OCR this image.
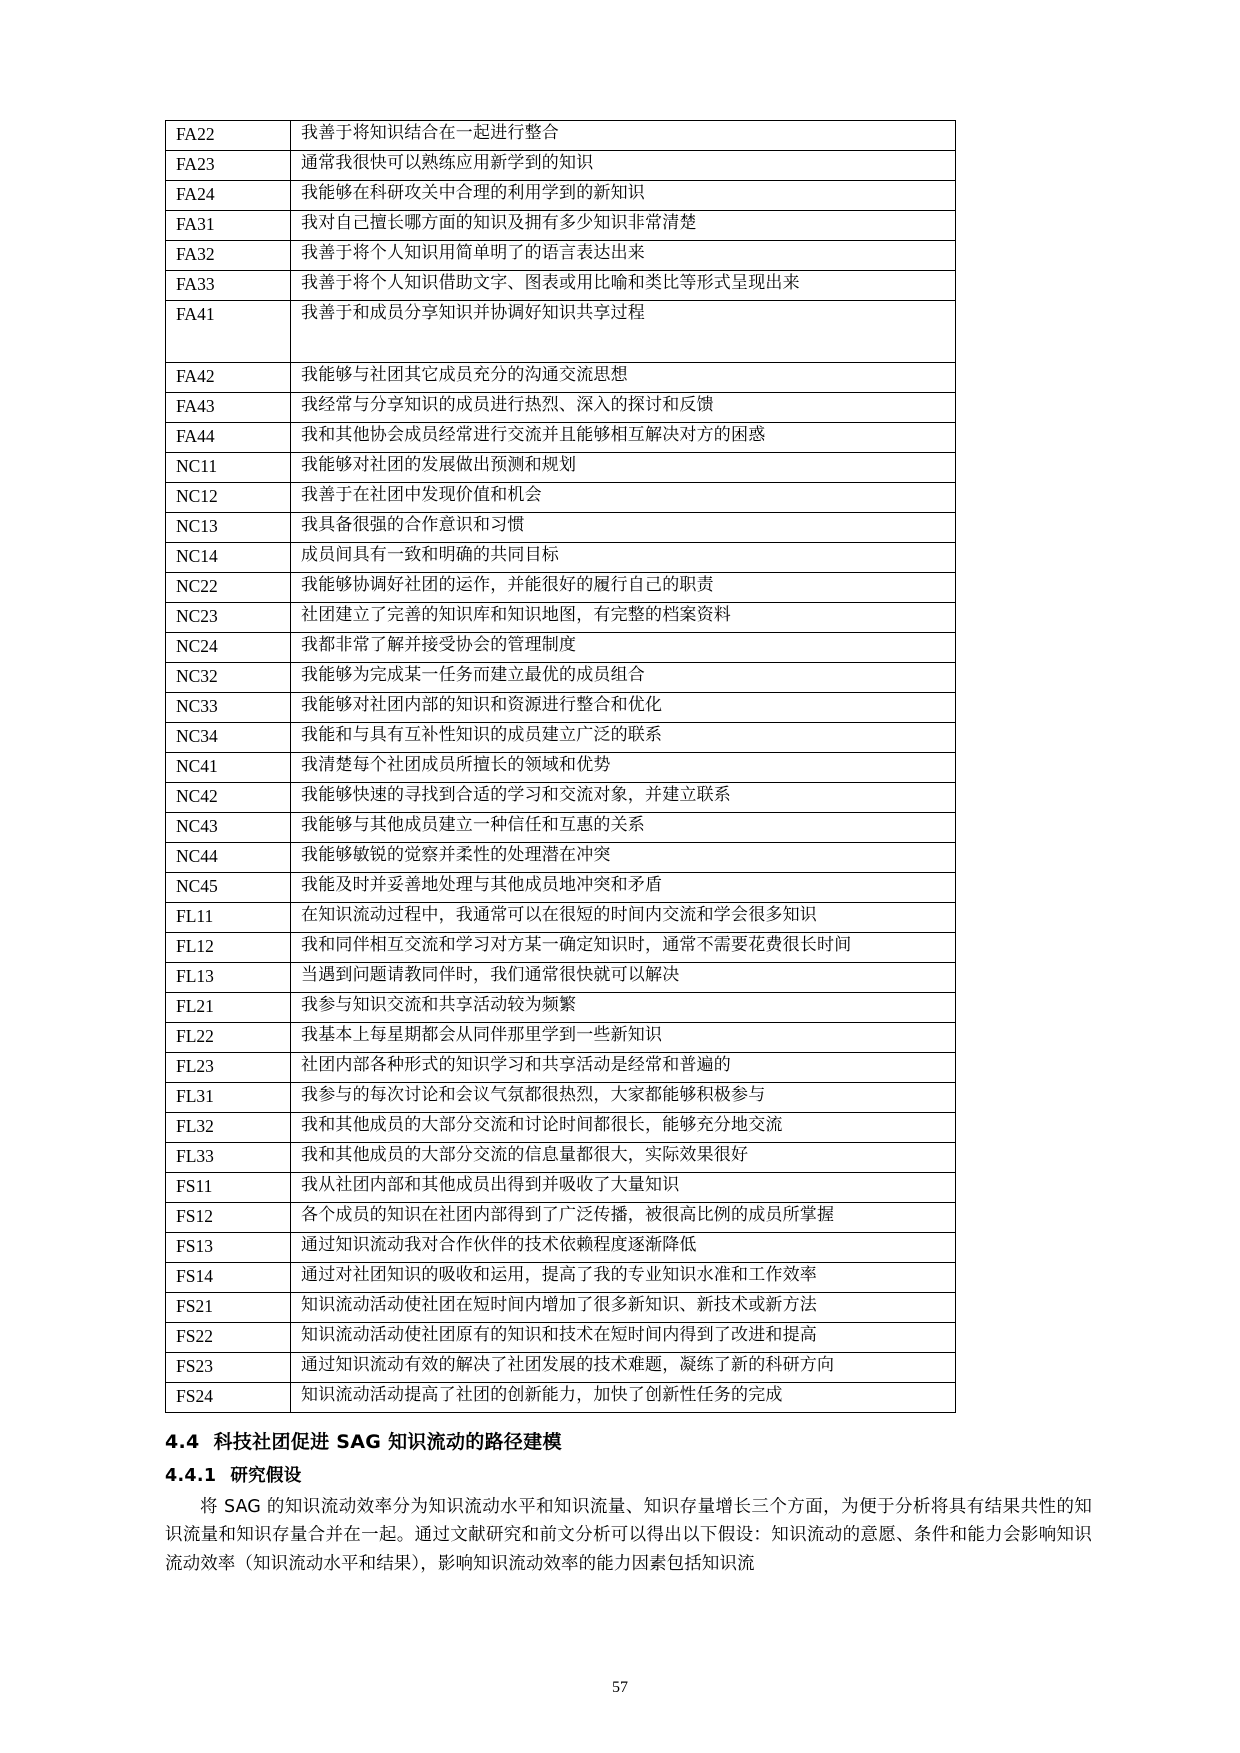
FA22	我善于将知识结合在一起进行整合
FA23	通常我很快可以熟练应用新学到的知识
FA24	我能够在科研攻关中合理的利用学到的新知识
FA31	我对自己擅长哪方面的知识及拥有多少知识非常清楚
FA32	我善于将个人知识用简单明了的语言表达出来
FA33	我善于将个人知识借助文字、图表或用比喻和类比等形式呈现出来
FA41	我善于和成员分享知识并协调好知识共享过程
FA42	我能够与社团其它成员充分的沟通交流思想
FA43	我经常与分享知识的成员进行热烈、深入的探讨和反馈
FA44	我和其他协会成员经常进行交流并且能够相互解决对方的困惑
NC11	我能够对社团的发展做出预测和规划
NC12	我善于在社团中发现价值和机会
NC13	我具备很强的合作意识和习惯
NC14	成员间具有一致和明确的共同目标
NC22	我能够协调好社团的运作，并能很好的履行自己的职责
NC23	社团建立了完善的知识库和知识地图，有完整的档案资料
NC24	我都非常了解并接受协会的管理制度
NC32	我能够为完成某一任务而建立最优的成员组合
NC33	我能够对社团内部的知识和资源进行整合和优化
NC34	我能和与具有互补性知识的成员建立广泛的联系
NC41	我清楚每个社团成员所擅长的领域和优势
NC42	我能够快速的寻找到合适的学习和交流对象，并建立联系
NC43	我能够与其他成员建立一种信任和互惠的关系
NC44	我能够敏锐的觉察并柔性的处理潜在冲突
NC45	我能及时并妥善地处理与其他成员地冲突和矛盾
FL11	在知识流动过程中，我通常可以在很短的时间内交流和学会很多知识
FL12	我和同伴相互交流和学习对方某一确定知识时，通常不需要花费很长时间
FL13	当遇到问题请教同伴时，我们通常很快就可以解决
FL21	我参与知识交流和共享活动较为频繁
FL22	我基本上每星期都会从同伴那里学到一些新知识
FL23	社团内部各种形式的知识学习和共享活动是经常和普遍的
FL31	我参与的每次讨论和会议气氛都很热烈，大家都能够积极参与
FL32	我和其他成员的大部分交流和讨论时间都很长，能够充分地交流
FL33	我和其他成员的大部分交流的信息量都很大，实际效果很好
FS11	我从社团内部和其他成员出得到并吸收了大量知识
FS12	各个成员的知识在社团内部得到了广泛传播，被很高比例的成员所掌握
FS13	通过知识流动我对合作伙伴的技术依赖程度逐渐降低
FS14	通过对社团知识的吸收和运用，提高了我的专业知识水准和工作效率
FS21	知识流动活动使社团在短时间内增加了很多新知识、新技术或新方法
FS22	知识流动活动使社团原有的知识和技术在短时间内得到了改进和提高
FS23	通过知识流动有效的解决了社团发展的技术难题，凝练了新的科研方向
FS24	知识流动活动提高了社团的创新能力，加快了创新性任务的完成
4.4 科技社团促进 SAG 知识流动的路径建模
4.4.1 研究假设

将 SAG 的知识流动效率分为知识流动水平和知识流量、知识存量增长三个方面，为便于分析将具有结果共性的知识流量和知识存量合并在一起。通过文献研究和前文分析可以得出以下假设：知识流动的意愿、条件和能力会影响知识流动效率（知识流动水平和结果），影响知识流动效率的能力因素包括知识流

57
